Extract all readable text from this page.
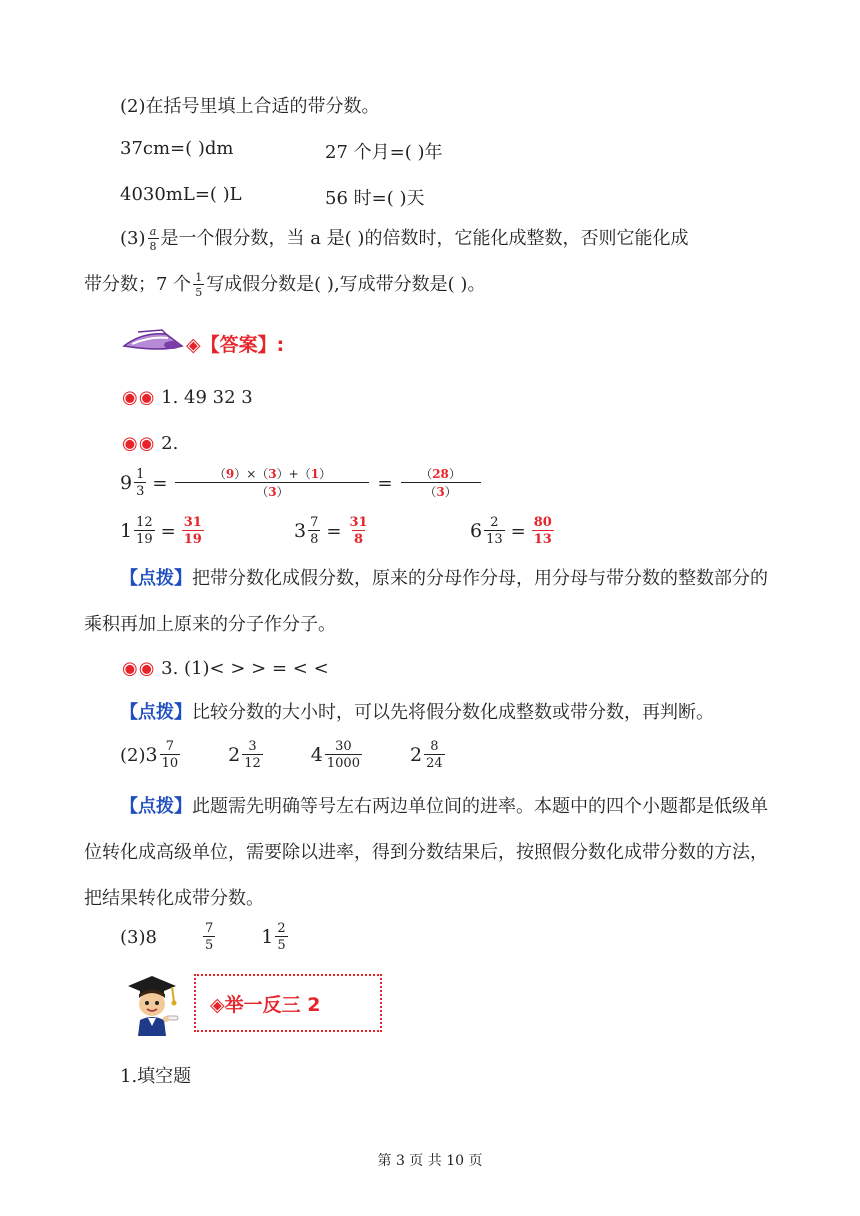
(2)在括号里填上合适的带分数。
37cm=( )dm	27 个月=( )年
4030mL=( )L	56 时=( )天
$(3) \frac{a}{8}$ 是一个假分数，当 a 是( )的倍数时，它能化成整数，否则它能化成
带分数；7 个 $\frac{1}{5}$ 写成假分数是( ),写成带分数是( )。
◈【答案】:
◉◉ 1. 49 32 3
◉◉ 2.
$9 \frac{1}{3} = \frac{(9)\times(3)+(1)}{(3)} = \frac{(28)}{(3)}$
$1 \frac{12}{19} = \frac{31}{19}$	$3 \frac{7}{8} = \frac{31}{8}$	$6 \frac{2}{13} = \frac{80}{13}$
【点拨】把带分数化成假分数，原来的分母作分母，用分母与带分数的整数部分的乘积再加上原来的分子作分子。
◉◉ 3. (1)< > > = < <
【点拨】比较分数的大小时，可以先将假分数化成整数或带分数，再判断。
(2) $3 \frac{7}{10}$	$2 \frac{3}{12}$	$4 \frac{30}{1000}$	$2 \frac{8}{24}$
【点拨】此题需先明确等号左右两边单位间的进率。本题中的四个小题都是低级单位转化成高级单位，需要除以进率，得到分数结果后，按照假分数化成带分数的方法，把结果转化成带分数。
(3) 8	$\frac{7}{5} 1 \frac{2}{5}$
◈举一反三 2
1.填空题
第 3 页 共 10 页
